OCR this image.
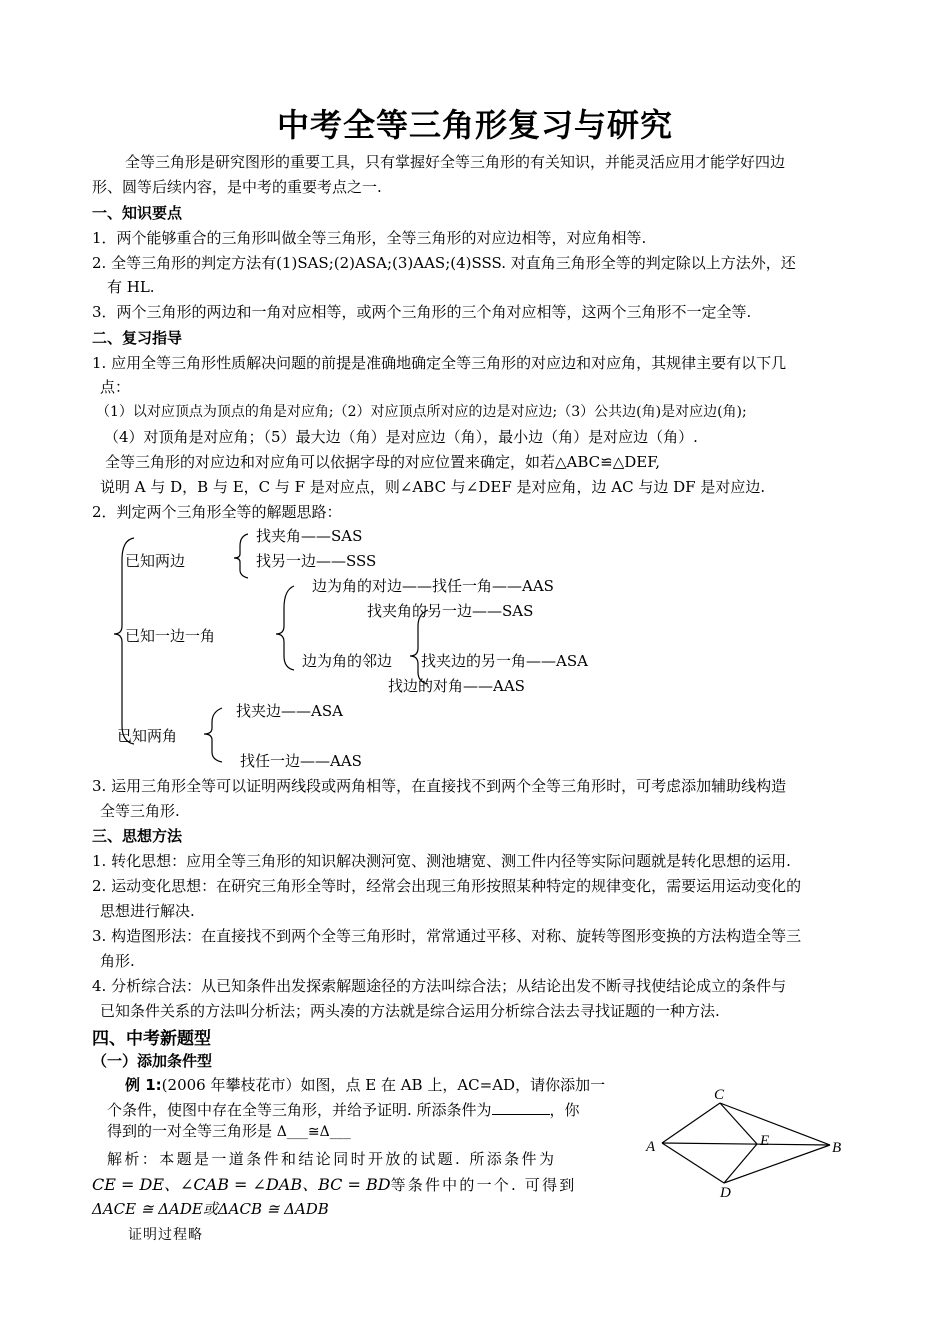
中考全等三角形复习与研究
全等三角形是研究图形的重要工具，只有掌握好全等三角形的有关知识，并能灵活应用才能学好四边
形、圆等后续内容，是中考的重要考点之一.
一、知识要点
1．两个能够重合的三角形叫做全等三角形，全等三角形的对应边相等，对应角相等.
2. 全等三角形的判定方法有(1)SAS;(2)ASA;(3)AAS;(4)SSS. 对直角三角形全等的判定除以上方法外，还
有 HL.
3．两个三角形的两边和一角对应相等，或两个三角形的三个角对应相等，这两个三角形不一定全等.
二、复习指导
1. 应用全等三角形性质解决问题的前提是准确地确定全等三角形的对应边和对应角，其规律主要有以下几
点：
（1）以对应顶点为顶点的角是对应角;（2）对应顶点所对应的边是对应边;（3）公共边(角)是对应边(角);
（4）对顶角是对应角；（5）最大边（角）是对应边（角），最小边（角）是对应边（角）.
全等三角形的对应边和对应角可以依据字母的对应位置来确定，如若△ABC≌△DEF,
说明 A 与 D，B 与 E，C 与 F 是对应点，则∠ABC 与∠DEF 是对应角，边 AC 与边 DF 是对应边.
2．判定两个三角形全等的解题思路：
已知两边
找夹角——SAS
找另一边——SSS
已知一边一角
边为角的对边——找任一角——AAS
找夹角的另一边——SAS
边为角的邻边 找夹边的另一角——ASA
找边的对角——AAS
已知两角
找夹边——ASA
找任一边——AAS
3. 运用三角形全等可以证明两线段或两角相等，在直接找不到两个全等三角形时，可考虑添加辅助线构造
全等三角形.
三、思想方法
1. 转化思想：应用全等三角形的知识解决测河宽、测池塘宽、测工件内径等实际问题就是转化思想的运用.
2. 运动变化思想：在研究三角形全等时，经常会出现三角形按照某种特定的规律变化，需要运用运动变化的
思想进行解决.
3. 构造图形法：在直接找不到两个全等三角形时，常常通过平移、对称、旋转等图形变换的方法构造全等三
角形.
4. 分析综合法：从已知条件出发探索解题途径的方法叫综合法；从结论出发不断寻找使结论成立的条件与
已知条件关系的方法叫分析法；两头凑的方法就是综合运用分析综合法去寻找证题的一种方法.
四、中考新题型
（一）添加条件型
例 1:(2006 年攀枝花市）如图，点 E 在 AB 上，AC=AD，请你添加一
个条件，使图中存在全等三角形，并给予证明. 所添条件为	，你
得到的一对全等三角形是 Δ___≅Δ___
解析：本题是一道条件和结论同时开放的试题. 所添条件为
CE = DE、∠CAB = ∠DAB、BC = BD等条件中的一个. 可得到
ΔACE ≅ ΔADE或ΔACB ≅ ΔADB
证明过程略
A
C
E	B
D
